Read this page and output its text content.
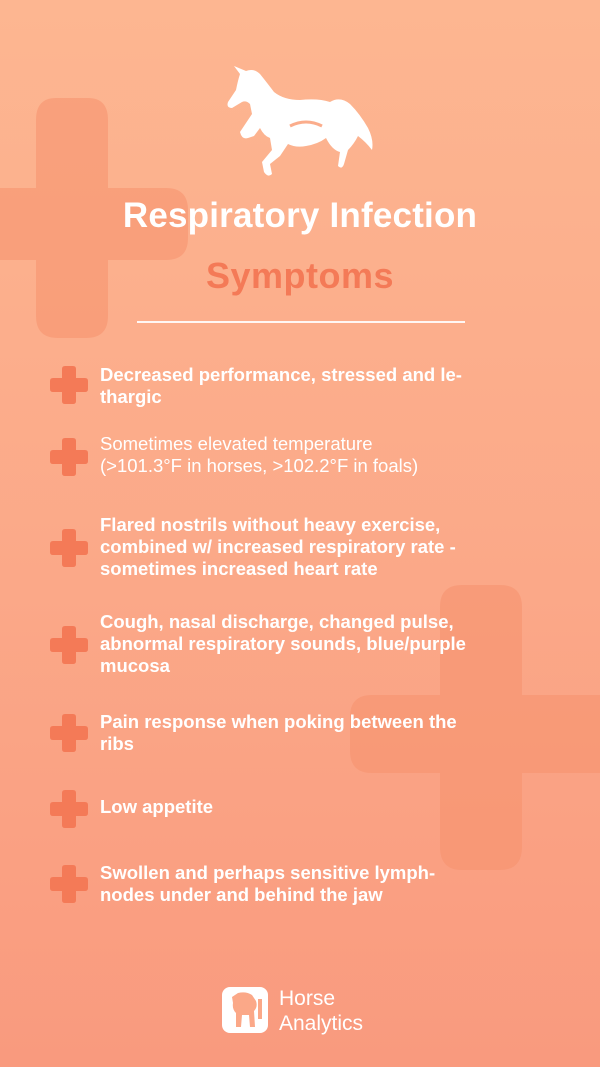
Respiratory Infection
Symptoms
Decreased performance, stressed and le-
thargic
Sometimes elevated temperature
(>101.3°F in horses, >102.2°F in foals)
Flared nostrils without heavy exercise,
combined w/ increased respiratory rate -
sometimes increased heart rate
Cough, nasal discharge, changed pulse,
abnormal respiratory sounds, blue/purple
mucosa
Pain response when poking between the
ribs
Low appetite
Swollen and perhaps sensitive lymph-
nodes under and behind the jaw
Horse
Analytics
